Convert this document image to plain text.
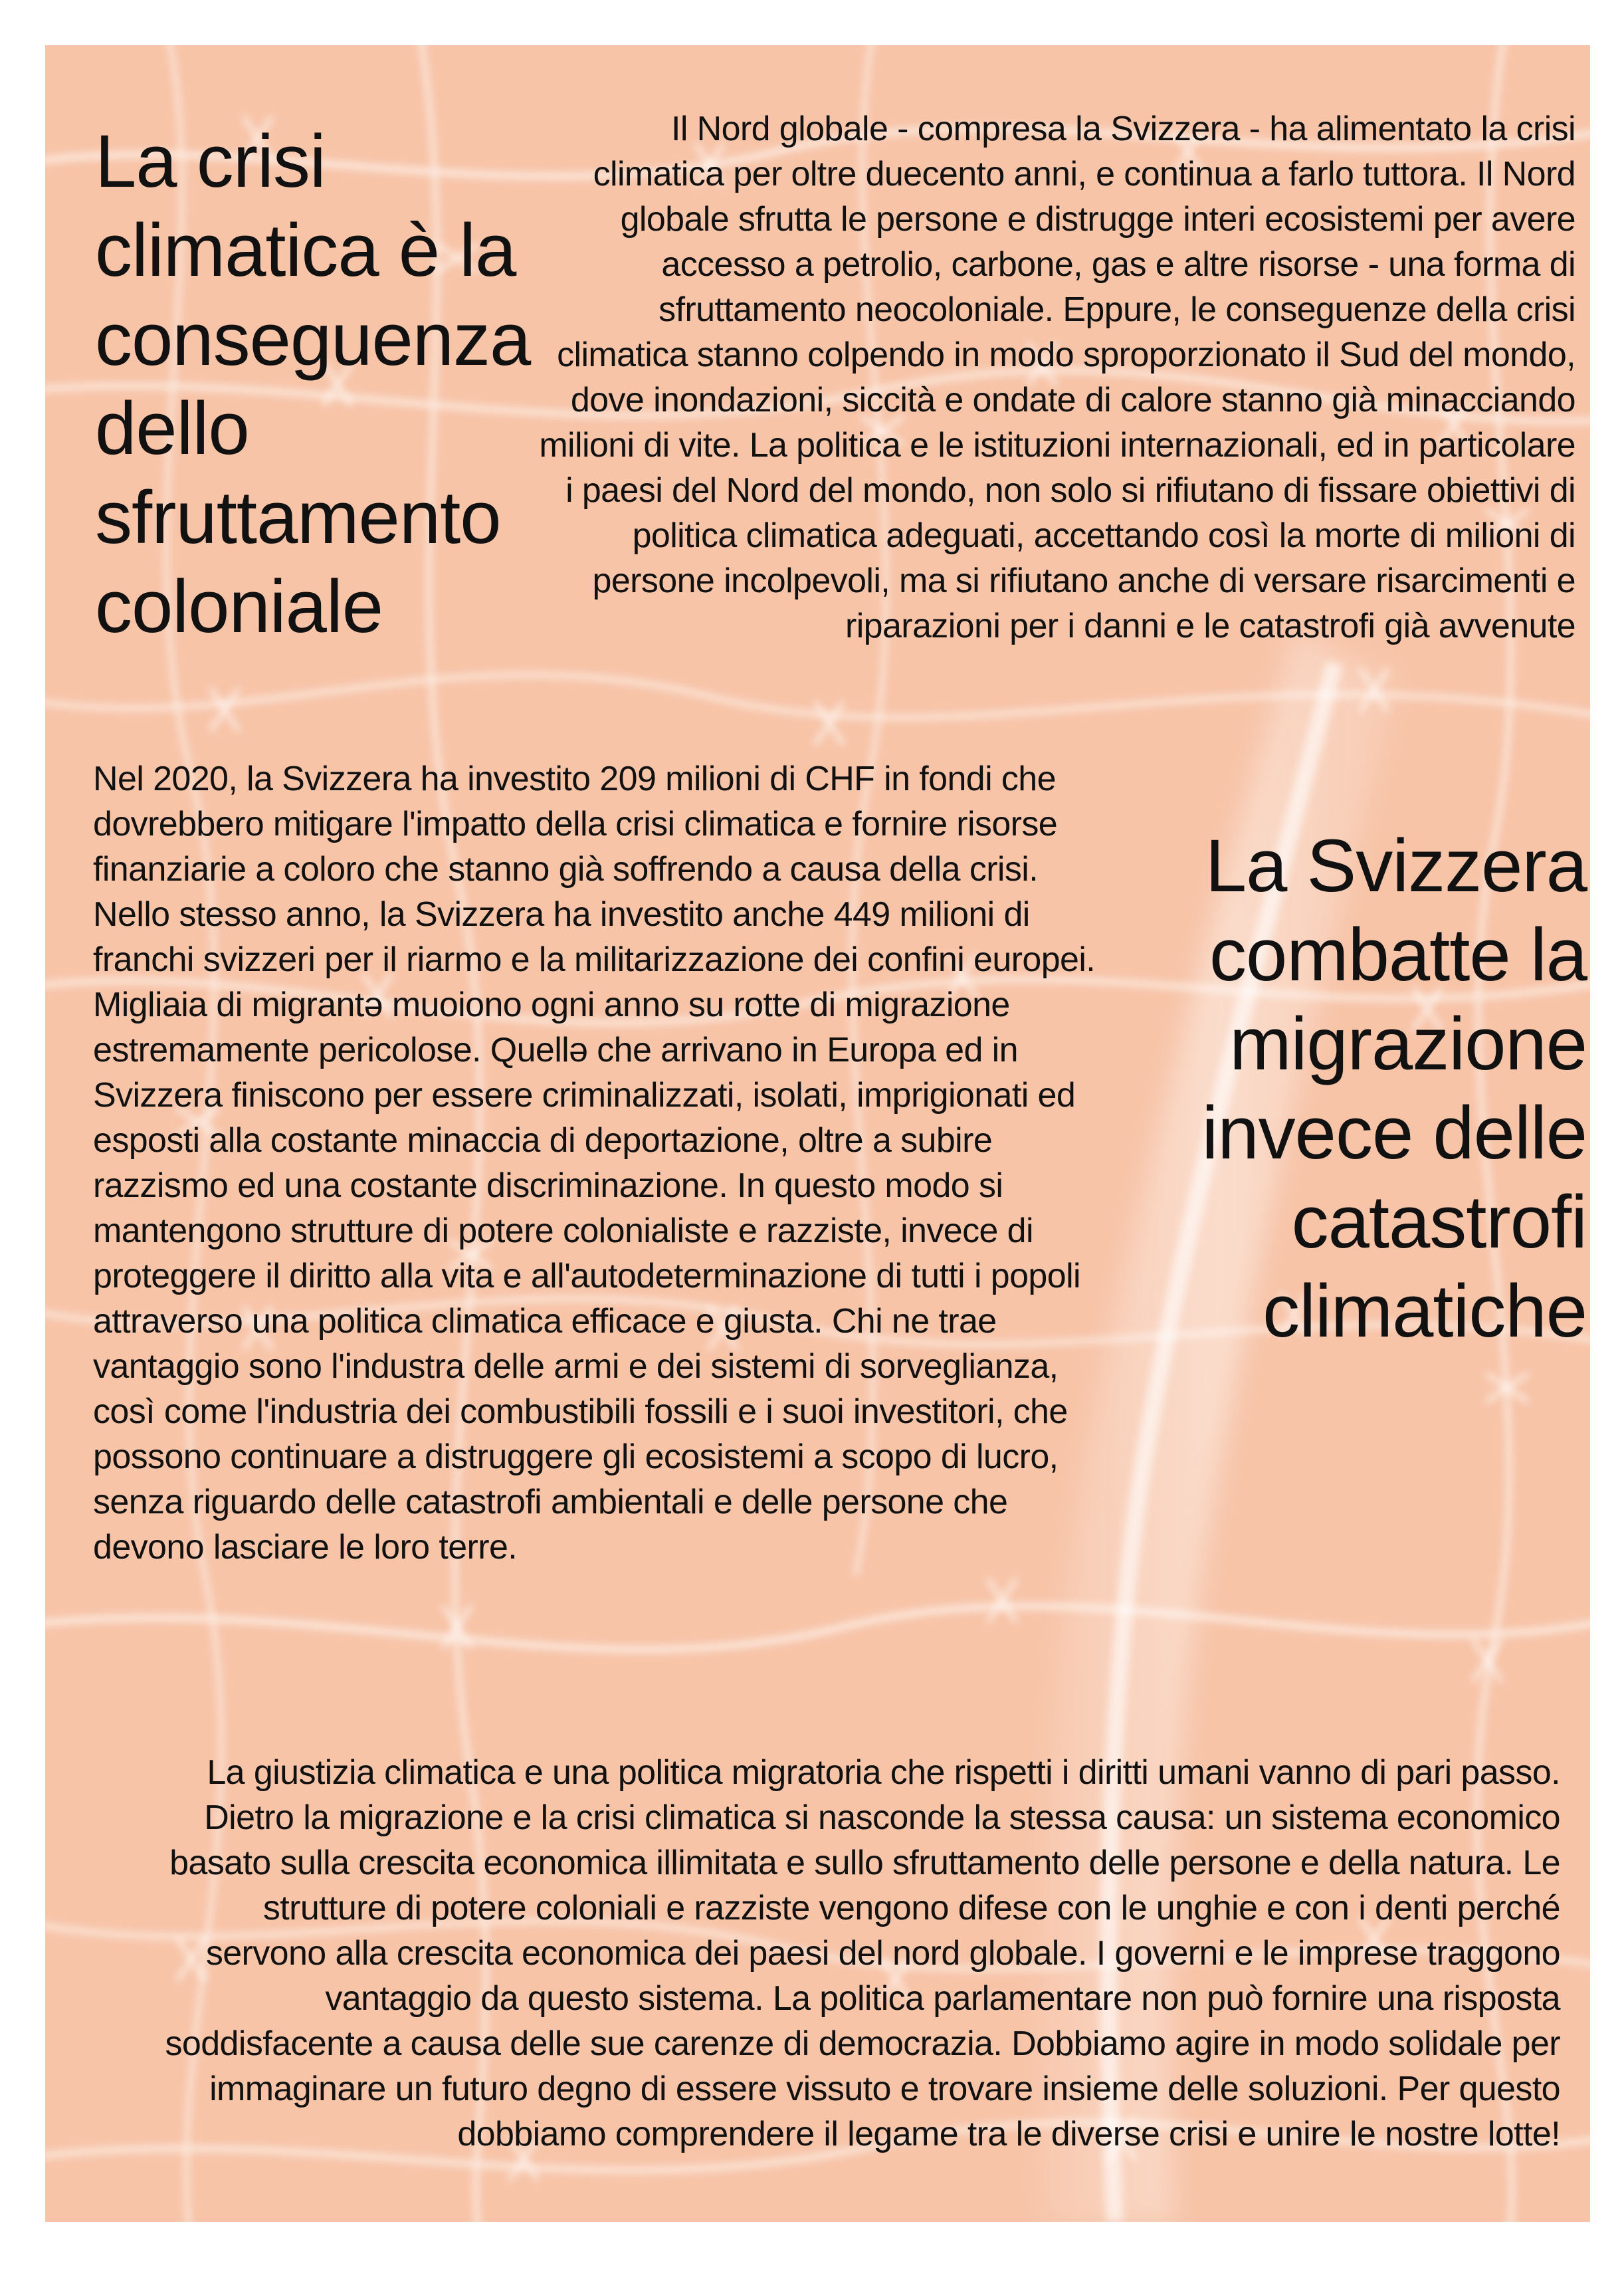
La crisi climatica è la conseguenza dello sfruttamento coloniale

Il Nord globale - compresa la Svizzera - ha alimentato la crisi climatica per oltre duecento anni, e continua a farlo tuttora. Il Nord globale sfrutta le persone e distrugge interi ecosistemi per avere accesso a petrolio, carbone, gas e altre risorse - una forma di sfruttamento neocoloniale. Eppure, le conseguenze della crisi climatica stanno colpendo in modo sproporzionato il Sud del mondo, dove inondazioni, siccità e ondate di calore stanno già minacciando milioni di vite. La politica e le istituzioni internazionali, ed in particolare i paesi del Nord del mondo, non solo si rifiutano di fissare obiettivi di politica climatica adeguati, accettando così la morte di milioni di persone incolpevoli, ma si rifiutano anche di versare risarcimenti e riparazioni per i danni e le catastrofi già avvenute

Nel 2020, la Svizzera ha investito 209 milioni di CHF in fondi che dovrebbero mitigare l'impatto della crisi climatica e fornire risorse finanziarie a coloro che stanno già soffrendo a causa della crisi. Nello stesso anno, la Svizzera ha investito anche 449 milioni di franchi svizzeri per il riarmo e la militarizzazione dei confini europei. Migliaia di migrantə muoiono ogni anno su rotte di migrazione estremamente pericolose. Quellə che arrivano in Europa ed in Svizzera finiscono per essere criminalizzati, isolati, imprigionati ed esposti alla costante minaccia di deportazione, oltre a subire razzismo ed una costante discriminazione. In questo modo si mantengono strutture di potere colonialiste e razziste, invece di proteggere il diritto alla vita e all'autodeterminazione di tutti i popoli attraverso una politica climatica efficace e giusta. Chi ne trae vantaggio sono l'industra delle armi e dei sistemi di sorveglianza, così come l'industria dei combustibili fossili e i suoi investitori, che possono continuare a distruggere gli ecosistemi a scopo di lucro, senza riguardo delle catastrofi ambientali e delle persone che devono lasciare le loro terre.

La Svizzera combatte la migrazione invece delle catastrofi climatiche

La giustizia climatica e una politica migratoria che rispetti i diritti umani vanno di pari passo. Dietro la migrazione e la crisi climatica si nasconde la stessa causa: un sistema economico basato sulla crescita economica illimitata e sullo sfruttamento delle persone e della natura. Le strutture di potere coloniali e razziste vengono difese con le unghie e con i denti perché servono alla crescita economica dei paesi del nord globale. I governi e le imprese traggono vantaggio da questo sistema. La politica parlamentare non può fornire una risposta soddisfacente a causa delle sue carenze di democrazia. Dobbiamo agire in modo solidale per immaginare un futuro degno di essere vissuto e trovare insieme delle soluzioni. Per questo dobbiamo comprendere il legame tra le diverse crisi e unire le nostre lotte!
